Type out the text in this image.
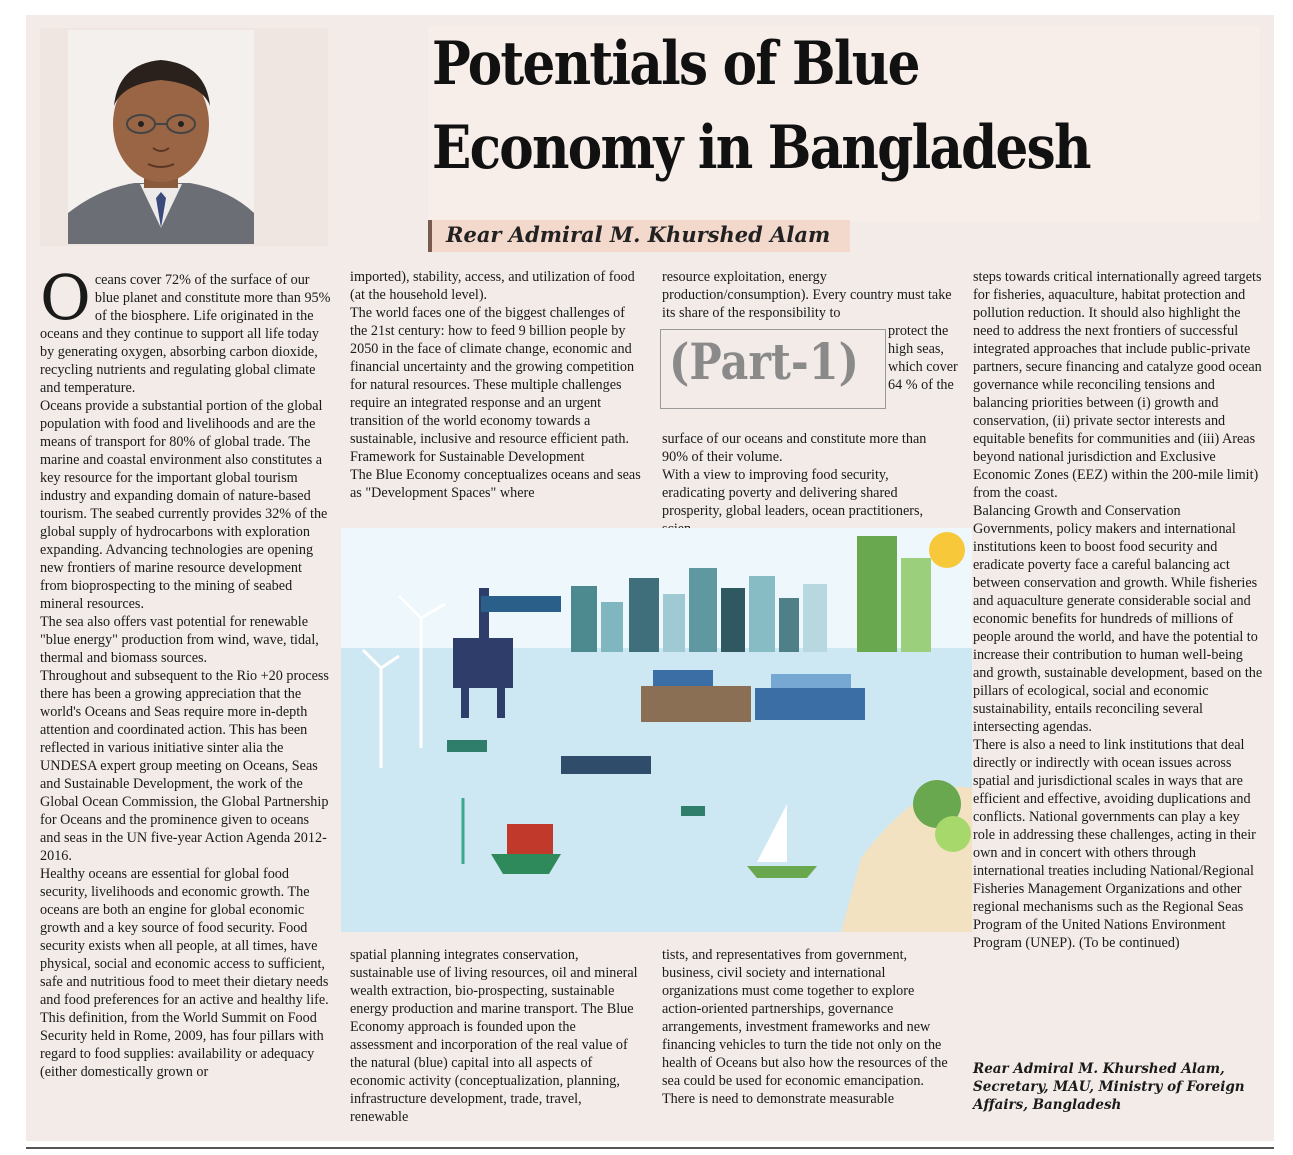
Potentials of Blue
Economy in Bangladesh
Rear Admiral M. Khurshed Alam

Oceans cover 72% of the surface of our blue planet and constitute more than 95% of the biosphere. Life originated in the oceans and they continue to support all life today by generating oxygen, absorbing carbon dioxide, recycling nutrients and regulating global climate and temperature.

Oceans provide a substantial portion of the global population with food and livelihoods and are the means of transport for 80% of global trade. The marine and coastal environment also constitutes a key resource for the important global tourism industry and expanding domain of nature-based tourism. The seabed currently provides 32% of the global supply of hydrocarbons with exploration expanding. Advancing technologies are opening new frontiers of marine resource development from bioprospecting to the mining of seabed mineral resources.

The sea also offers vast potential for renewable "blue energy" production from wind, wave, tidal, thermal and biomass sources.

Throughout and subsequent to the Rio +20 process there has been a growing appreciation that the world's Oceans and Seas require more in-depth attention and coordinated action. This has been reflected in various initiative sinter alia the UNDESA expert group meeting on Oceans, Seas and Sustainable Development, the work of the Global Ocean Commission, the Global Partnership for Oceans and the prominence given to oceans and seas in the UN five-year Action Agenda 2012-2016.

Healthy oceans are essential for global food security, livelihoods and economic growth. The oceans are both an engine for global economic growth and a key source of food security. Food security exists when all people, at all times, have physical, social and economic access to sufficient, safe and nutritious food to meet their dietary needs and food preferences for an active and healthy life. This definition, from the World Summit on Food Security held in Rome, 2009, has four pillars with regard to food supplies: availability or adequacy (either domestically grown or

imported), stability, access, and utilization of food (at the household level).

The world faces one of the biggest challenges of the 21st century: how to feed 9 billion people by 2050 in the face of climate change, economic and financial uncertainty and the growing competition for natural resources. These multiple challenges require an integrated response and an urgent transition of the world economy towards a sustainable, inclusive and resource efficient path.

Framework for Sustainable Development

The Blue Economy conceptualizes oceans and seas as "Development Spaces" where

resource exploitation, energy production/consumption). Every country must take its share of the responsibility to

(Part-1)

protect the high seas, which cover 64 % of the

surface of our oceans and constitute more than 90% of their volume.

With a view to improving food security, eradicating poverty and delivering shared prosperity, global leaders, ocean practitioners,

steps towards critical internationally agreed targets for fisheries, aquaculture, habitat protection and pollution reduction. It should also highlight the need to address the next frontiers of successful integrated approaches that include public-private partners, secure financing and catalyze good ocean governance while reconciling tensions and balancing priorities between (i) growth and conservation, (ii) private sector interests and equitable benefits for communities and (iii) Areas beyond national jurisdiction and Exclusive Economic Zones (EEZ) within the 200-mile limit) from the coast.

Balancing Growth and Conservation

Governments, policy makers and international institutions keen to boost food security and eradicate poverty face a careful balancing act between conservation and growth. While fisheries and aquaculture generate considerable social and economic benefits for hundreds of millions of people around the world, and have the potential to increase their contribution to human well-being and growth, sustainable development, based on the pillars of ecological, social and economic sustainability, entails reconciling several intersecting agendas.

There is also a need to link institutions that deal directly or indirectly with ocean issues across spatial and jurisdictional scales in ways that are efficient and effective, avoiding duplications and conflicts. National governments can play a key role in addressing these challenges, acting in their own and in concert with others through international treaties including National/Regional Fisheries Management Organizations and other regional mechanisms such as the Regional Seas Program of the United Nations Environment Program (UNEP). (To be continued)

spatial planning integrates conservation, sustainable use of living resources, oil and mineral wealth extraction, bio-prospecting, sustainable energy production and marine transport. The Blue Economy approach is founded upon the assessment and incorporation of the real value of the natural (blue) capital into all aspects of economic activity (conceptualization, planning, infrastructure development, trade, travel, renewable

tists, and representatives from government, business, civil society and international organizations must come together to explore action-oriented partnerships, governance arrangements, investment frameworks and new financing vehicles to turn the tide not only on the health of Oceans but also how the resources of the sea could be used for economic emancipation.

There is need to demonstrate measurable

Rear Admiral M. Khurshed Alam,

Secretary, MAU, Ministry of Foreign

Affairs, Bangladesh
